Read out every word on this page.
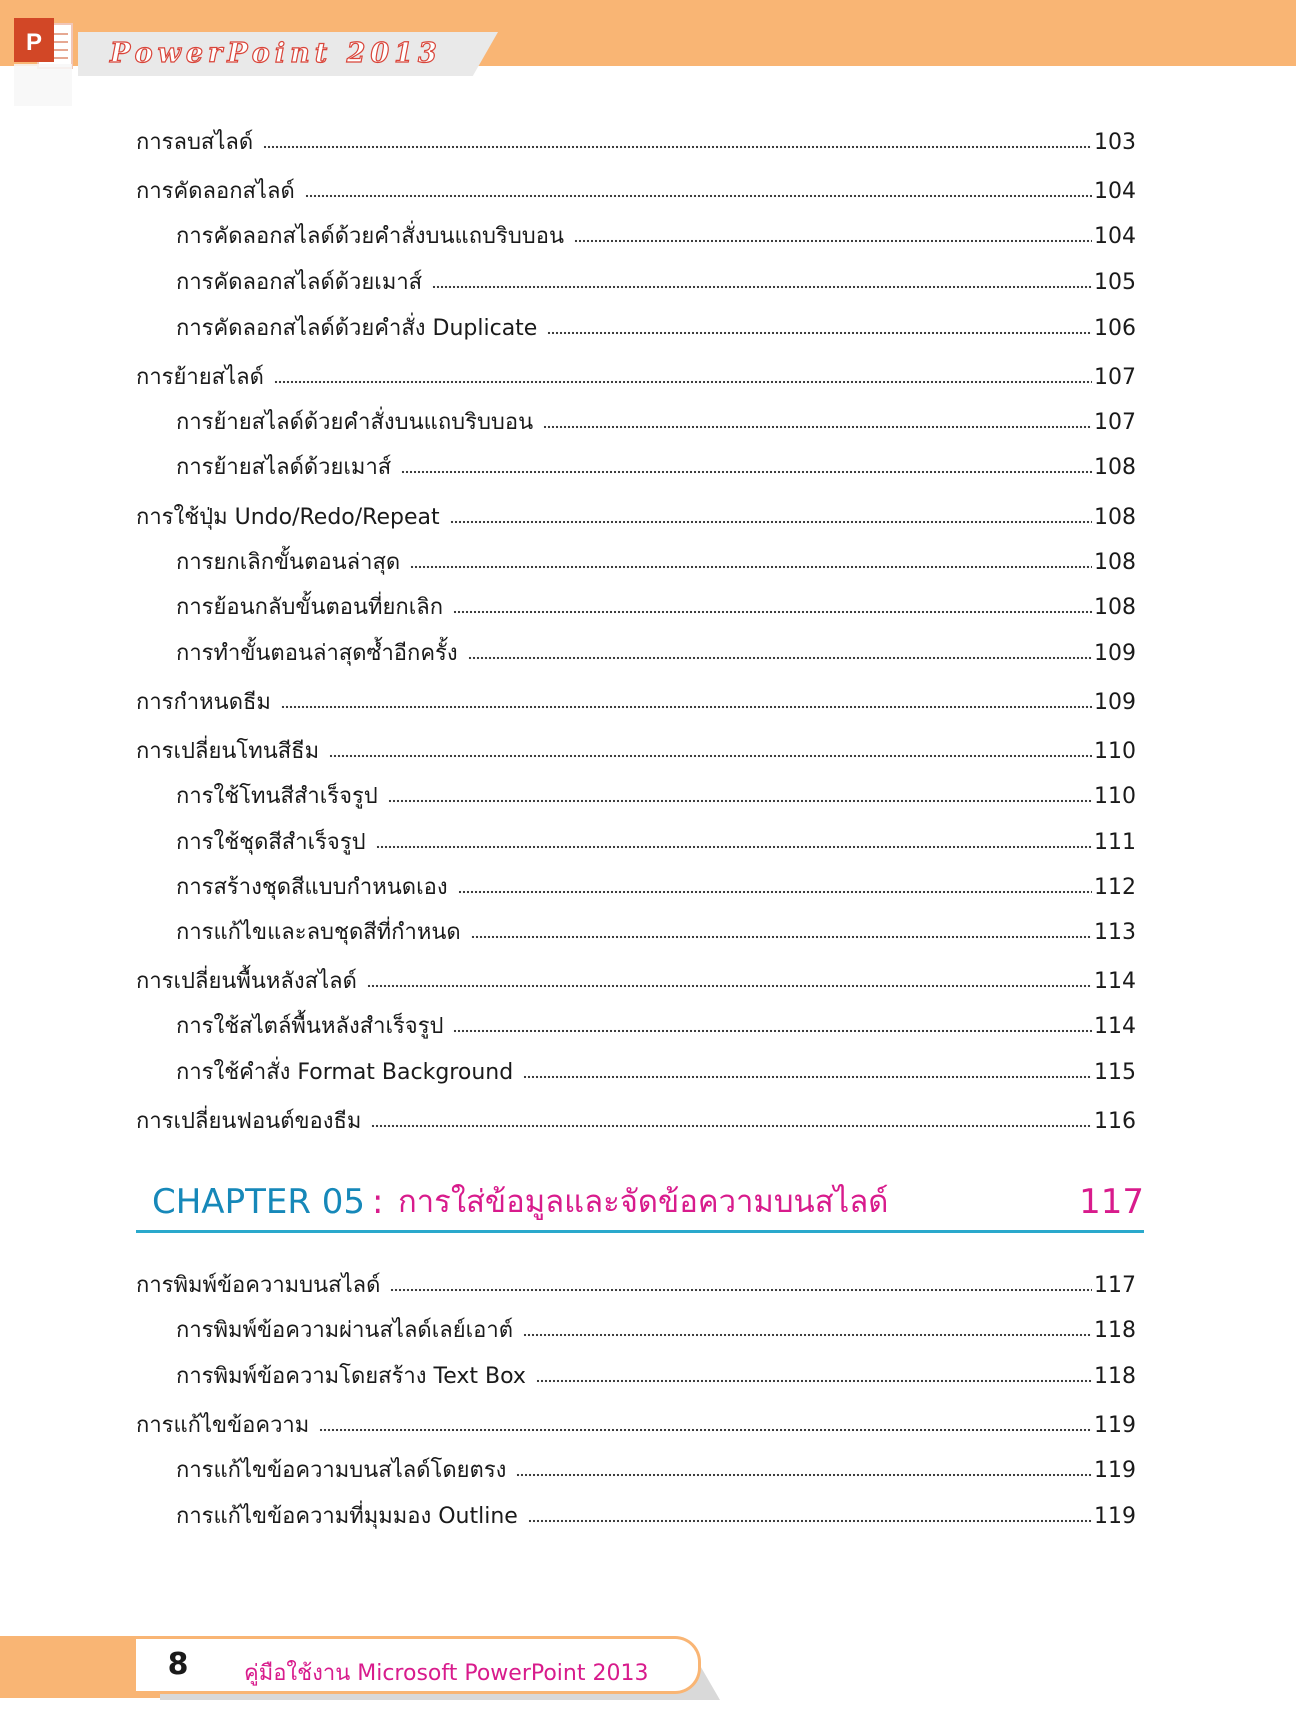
PowerPoint 2013
P
การลบสไลด์	103
การคัดลอกสไลด์	104
การคัดลอกสไลด์ด้วยคำสั่งบนแถบริบบอน	104
การคัดลอกสไลด์ด้วยเมาส์	105
การคัดลอกสไลด์ด้วยคำสั่ง Duplicate	106
การย้ายสไลด์	107
การย้ายสไลด์ด้วยคำสั่งบนแถบริบบอน	107
การย้ายสไลด์ด้วยเมาส์	108
การใช้ปุ่ม Undo/Redo/Repeat	108
การยกเลิกขั้นตอนล่าสุด	108
การย้อนกลับขั้นตอนที่ยกเลิก	108
การทำขั้นตอนล่าสุดซ้ำอีกครั้ง	109
การกำหนดธีม	109
การเปลี่ยนโทนสีธีม	110
การใช้โทนสีสำเร็จรูป	110
การใช้ชุดสีสำเร็จรูป	111
การสร้างชุดสีแบบกำหนดเอง	112
การแก้ไขและลบชุดสีที่กำหนด	113
การเปลี่ยนพื้นหลังสไลด์	114
การใช้สไตล์พื้นหลังสำเร็จรูป	114
การใช้คำสั่ง Format Background	115
การเปลี่ยนฟอนต์ของธีม	116
CHAPTER 05 : การใส่ข้อมูลและจัดข้อความบนสไลด์	117
การพิมพ์ข้อความบนสไลด์	117
การพิมพ์ข้อความผ่านสไลด์เลย์เอาต์	118
การพิมพ์ข้อความโดยสร้าง Text Box	118
การแก้ไขข้อความ	119
การแก้ไขข้อความบนสไลด์โดยตรง	119
การแก้ไขข้อความที่มุมมอง Outline	119
8	คู่มือใช้งาน Microsoft PowerPoint 2013
